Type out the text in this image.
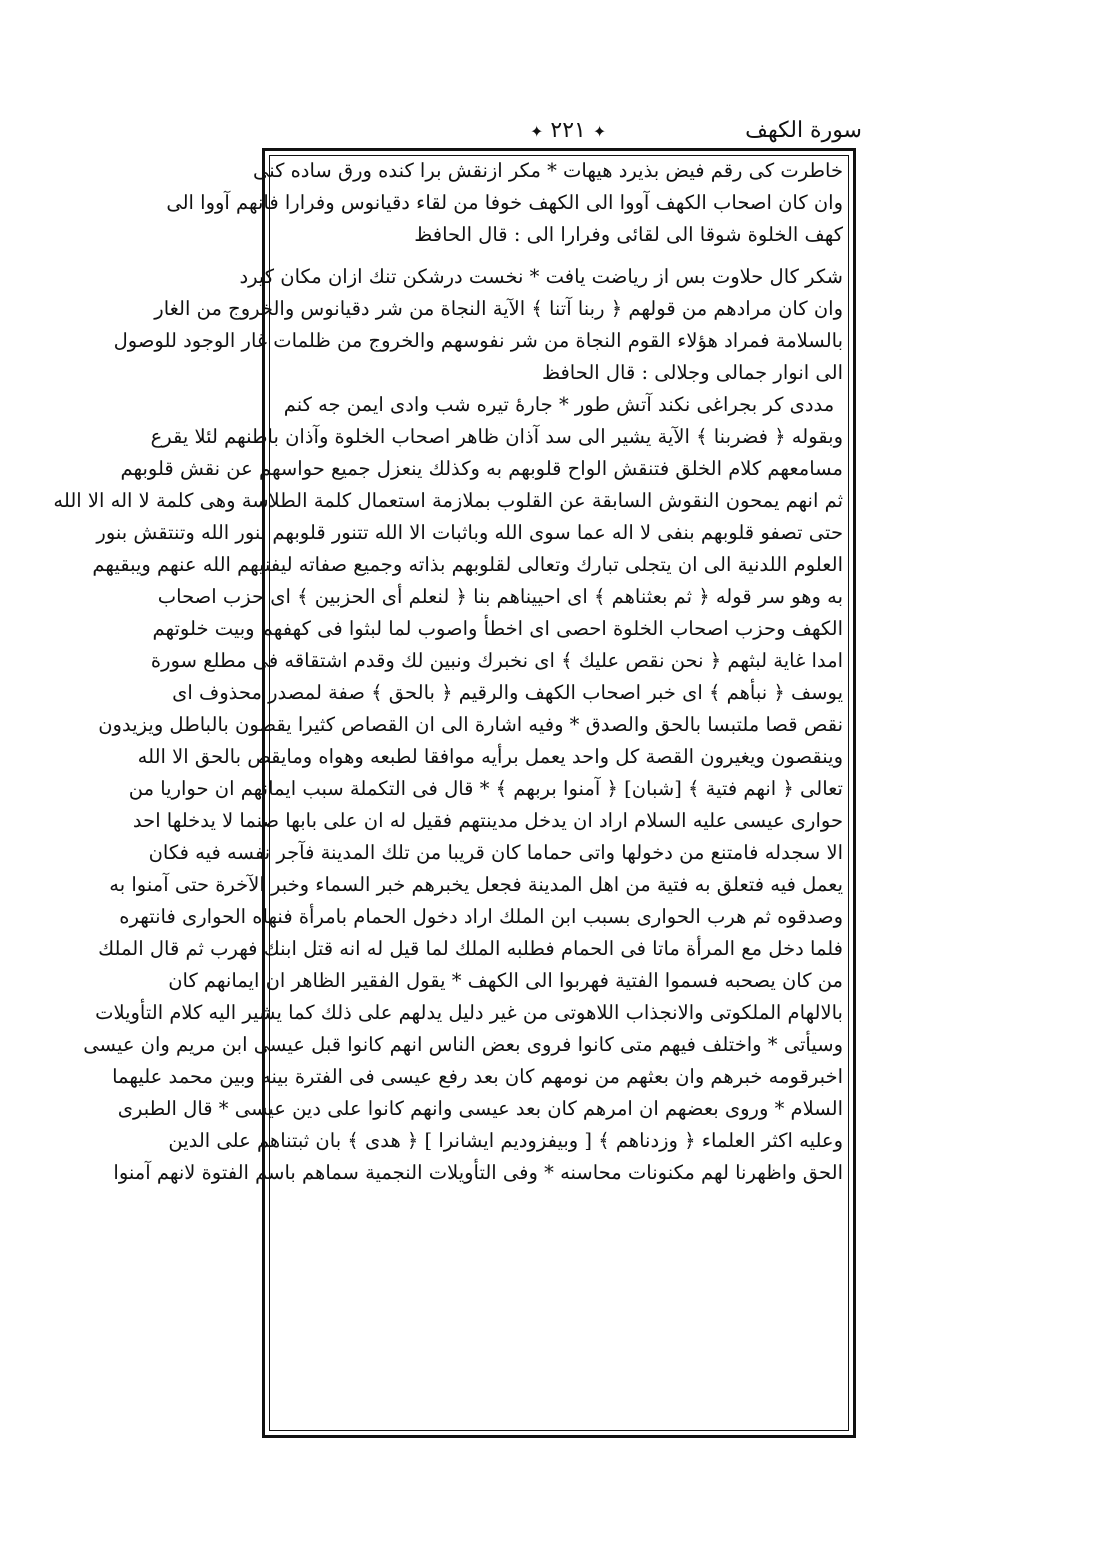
✦ ۲۲۱ ✦	سورة الكهف
خاطرت كى رقم فيض بذيرد هيهات * مكر ازنقش برا كنده ورق ساده كنى
وان كان اصحاب الكهف آووا الى الكهف خوفا من لقاء دقيانوس وفرارا فانهم آووا الى
كهف الخلوة شوقا الى لقائى وفرارا الى : قال الحافظ
شكر كال حلاوت بس از رياضت يافت * نخست درشكن تنك ازان مكان كيرد
وان كان مرادهم من قولهم ﴿ ربنا آتنا ﴾ الآية النجاة من شر دقيانوس والخروج من الغار
بالسلامة فمراد هؤلاء القوم النجاة من شر نفوسهم والخروج من ظلمات غار الوجود للوصول
الى انوار جمالى وجلالى : قال الحافظ
مددى كر بجراغى نكند آتش طور * جارۀ تيره شب وادى ايمن جه كنم
وبقوله ﴿ فضربنا ﴾ الآية يشير الى سد آذان ظاهر اصحاب الخلوة وآذان باطنهم لئلا يقرع
مسامعهم كلام الخلق فتنقش الواح قلوبهم به وكذلك ينعزل جميع حواسهم عن نقش قلوبهم
ثم انهم يمحون النقوش السابقة عن القلوب بملازمة استعمال كلمة الطلاسة وهى كلمة لا اله الا الله
حتى تصفو قلوبهم بنفى لا اله عما سوى الله وباثبات الا الله تتنور قلوبهم بنور الله وتنتقش بنور
العلوم اللدنية الى ان يتجلى تبارك وتعالى لقلوبهم بذاته وجميع صفاته ليفنيهم الله عنهم ويبقيهم
به وهو سر قوله ﴿ ثم بعثناهم ﴾ اى احييناهم بنا ﴿ لنعلم أى الحزبين ﴾ اى حزب اصحاب
الكهف وحزب اصحاب الخلوة احصى اى اخطأ واصوب لما لبثوا فى كهفهم وبيت خلوتهم
امدا غاية لبثهم ﴿ نحن نقص عليك ﴾ اى نخبرك ونبين لك وقدم اشتقاقه فى مطلع سورة
يوسف ﴿ نبأهم ﴾ اى خبر اصحاب الكهف والرقيم ﴿ بالحق ﴾ صفة لمصدر محذوف اى
نقص قصا ملتبسا بالحق والصدق * وفيه اشارة الى ان القصاص كثيرا يقصون بالباطل ويزيدون
وينقصون ويغيرون القصة كل واحد يعمل برأيه موافقا لطبعه وهواه ومايقص بالحق الا الله
تعالى ﴿ انهم فتية ﴾ [شبان] ﴿ آمنوا بربهم ﴾ * قال فى التكملة سبب ايمانهم ان حواريا من
حوارى عيسى عليه السلام اراد ان يدخل مدينتهم فقيل له ان على بابها صنما لا يدخلها احد
الا سجدله فامتنع من دخولها واتى حماما كان قريبا من تلك المدينة فآجر نفسه فيه فكان
يعمل فيه فتعلق به فتية من اهل المدينة فجعل يخبرهم خبر السماء وخبر الآخرة حتى آمنوا به
وصدقوه ثم هرب الحوارى بسبب ابن الملك اراد دخول الحمام بامرأة فنهاه الحوارى فانتهره
فلما دخل مع المرأة ماتا فى الحمام فطلبه الملك لما قيل له انه قتل ابنك فهرب ثم قال الملك
من كان يصحبه فسموا الفتية فهربوا الى الكهف * يقول الفقير الظاهر ان ايمانهم كان
بالالهام الملكوتى والانجذاب اللاهوتى من غير دليل يدلهم على ذلك كما يشير اليه كلام التأويلات
وسيأتى * واختلف فيهم متى كانوا فروى بعض الناس انهم كانوا قبل عيسى ابن مريم وان عيسى
اخبرقومه خبرهم وان بعثهم من نومهم كان بعد رفع عيسى فى الفترة بينه وبين محمد عليهما
السلام * وروى بعضهم ان امرهم كان بعد عيسى وانهم كانوا على دين عيسى * قال الطبرى
وعليه اكثر العلماء ﴿ وزدناهم ﴾ [ وبيفزوديم ايشانرا ] ﴿ هدى ﴾ بان ثبتناهم على الدين
الحق واظهرنا لهم مكنونات محاسنه * وفى التأويلات النجمية سماهم باسم الفتوة لانهم آمنوا
